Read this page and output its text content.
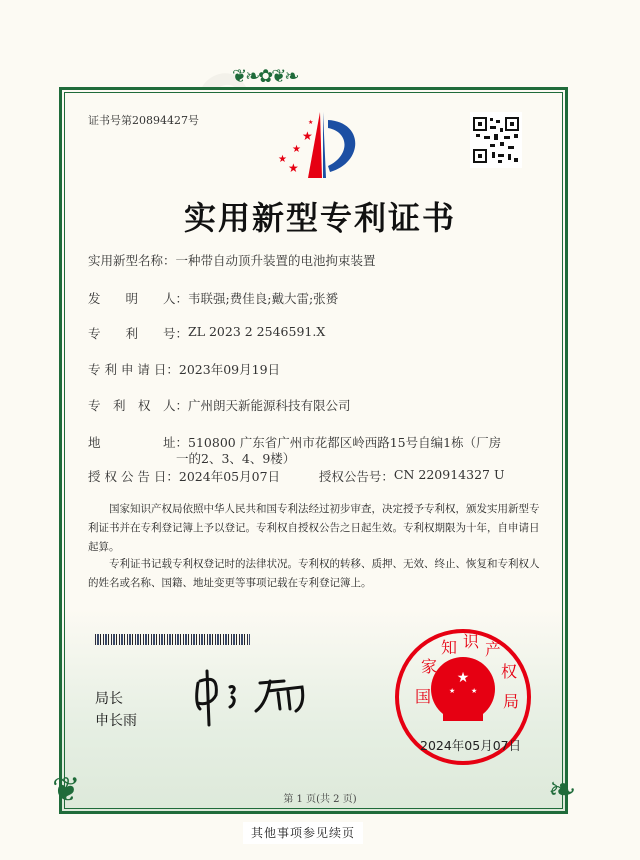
❦❧✿❦❧
❦	❧
证书号第20894427号
★
★
★
★
★
实用新型专利证书
实用新型名称： 一种带自动顶升装置的电池拘束装置
发　　明　　人： 韦联强;费佳良;戴大雷;张赟
专　　利　　号： ZL 2023 2 2546591.X
专 利 申 请 日： 2023年09月19日
专　利　权　人： 广州朗天新能源科技有限公司
地　　　　　址： 510800 广东省广州市花都区岭西路15号自编1栋（厂房
一的2、3、4、9楼）
授 权 公 告 日： 2024年05月07日	授权公告号： CN 220914327 U

国家知识产权局依照中华人民共和国专利法经过初步审查，决定授予专利权，颁发实用新型专利证书并在专利登记簿上予以登记。专利权自授权公告之日起生效。专利权期限为十年，自申请日起算。

专利证书记载专利权登记时的法律状况。专利权的转移、质押、无效、终止、恢复和专利权人的姓名或名称、国籍、地址变更等事项记载在专利登记簿上。

局长
申长雨
★
★ ★
国
家
知 识 产
权
局
2024年05月07日
第 1 页(共 2 页)
其他事项参见续页
